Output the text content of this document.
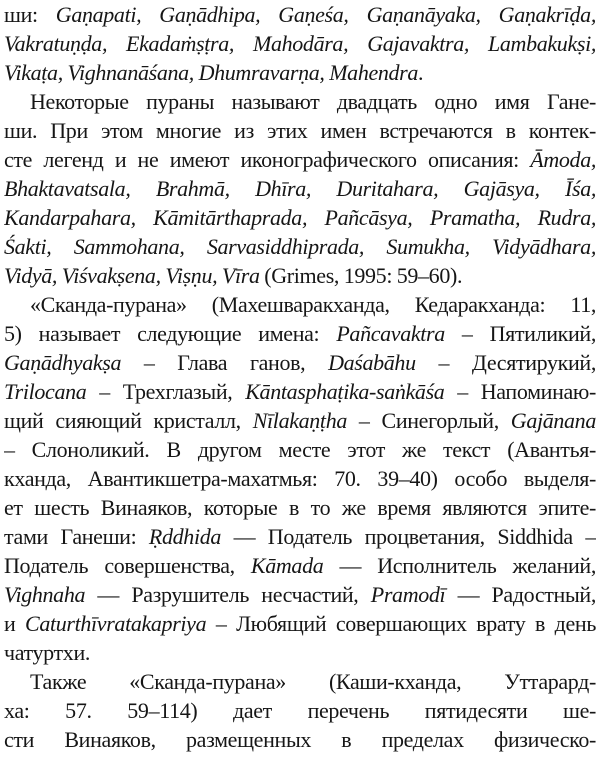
ши: Gaṇapati, Gaṇādhipa, Gaṇeśa, Gaṇanāyaka, Gaṇakrīḍa,
Vakratuṇḍa, Ekadaṁṣṭra, Mahodāra, Gajavaktra, Lambakukṣi,
Vikaṭa, Vighnanāśana, Dhumravarṇa, Mahendra.
Некоторые пураны называют двадцать одно имя Гане-
ши. При этом многие из этих имен встречаются в контек-
сте легенд и не имеют иконографического описания: Āmoda,
Bhaktavatsala, Brahmā, Dhīra, Duritahara, Gajāsya, Īśa,
Kandarpahara, Kāmitārthaprada, Pañcāsya, Pramatha, Rudra,
Śakti, Sammohana, Sarvasiddhiprada, Sumukha, Vidyādhara,
Vidyā, Viśvakṣena, Viṣṇu, Vīra (Grimes, 1995: 59–60).
«Сканда-пурана» (Махешваракханда, Кедаракханда: 11,
5) называет следующие имена: Pañcavaktra – Пятиликий,
Gaṇādhyakṣa – Глава ганов, Daśabāhu – Десятирукий,
Trilocana – Трехглазый, Kāntasphaṭika-saṅkāśa – Напоминаю-
щий сияющий кристалл, Nīlakaṇṭha – Синегорлый, Gajānana
– Слоноликий. В другом месте этот же текст (Авантья-
кханда, Авантикшетра-махатмья: 70. 39–40) особо выделя-
ет шесть Винаяков, которые в то же время являются эпите-
тами Ганеши: Ṛddhida — Податель процветания, Siddhida –
Податель совершенства, Kāmada — Исполнитель желаний,
Vighnaha — Разрушитель несчастий, Pramodī — Радостный,
и Caturthīvratakapriya – Любящий совершающих врату в день
чатуртхи.
Также «Сканда-пурана» (Каши-кханда, Уттарард-
ха: 57. 59–114) дает перечень пятидесяти ше-
сти Винаяков, размещенных в пределах физическо-
